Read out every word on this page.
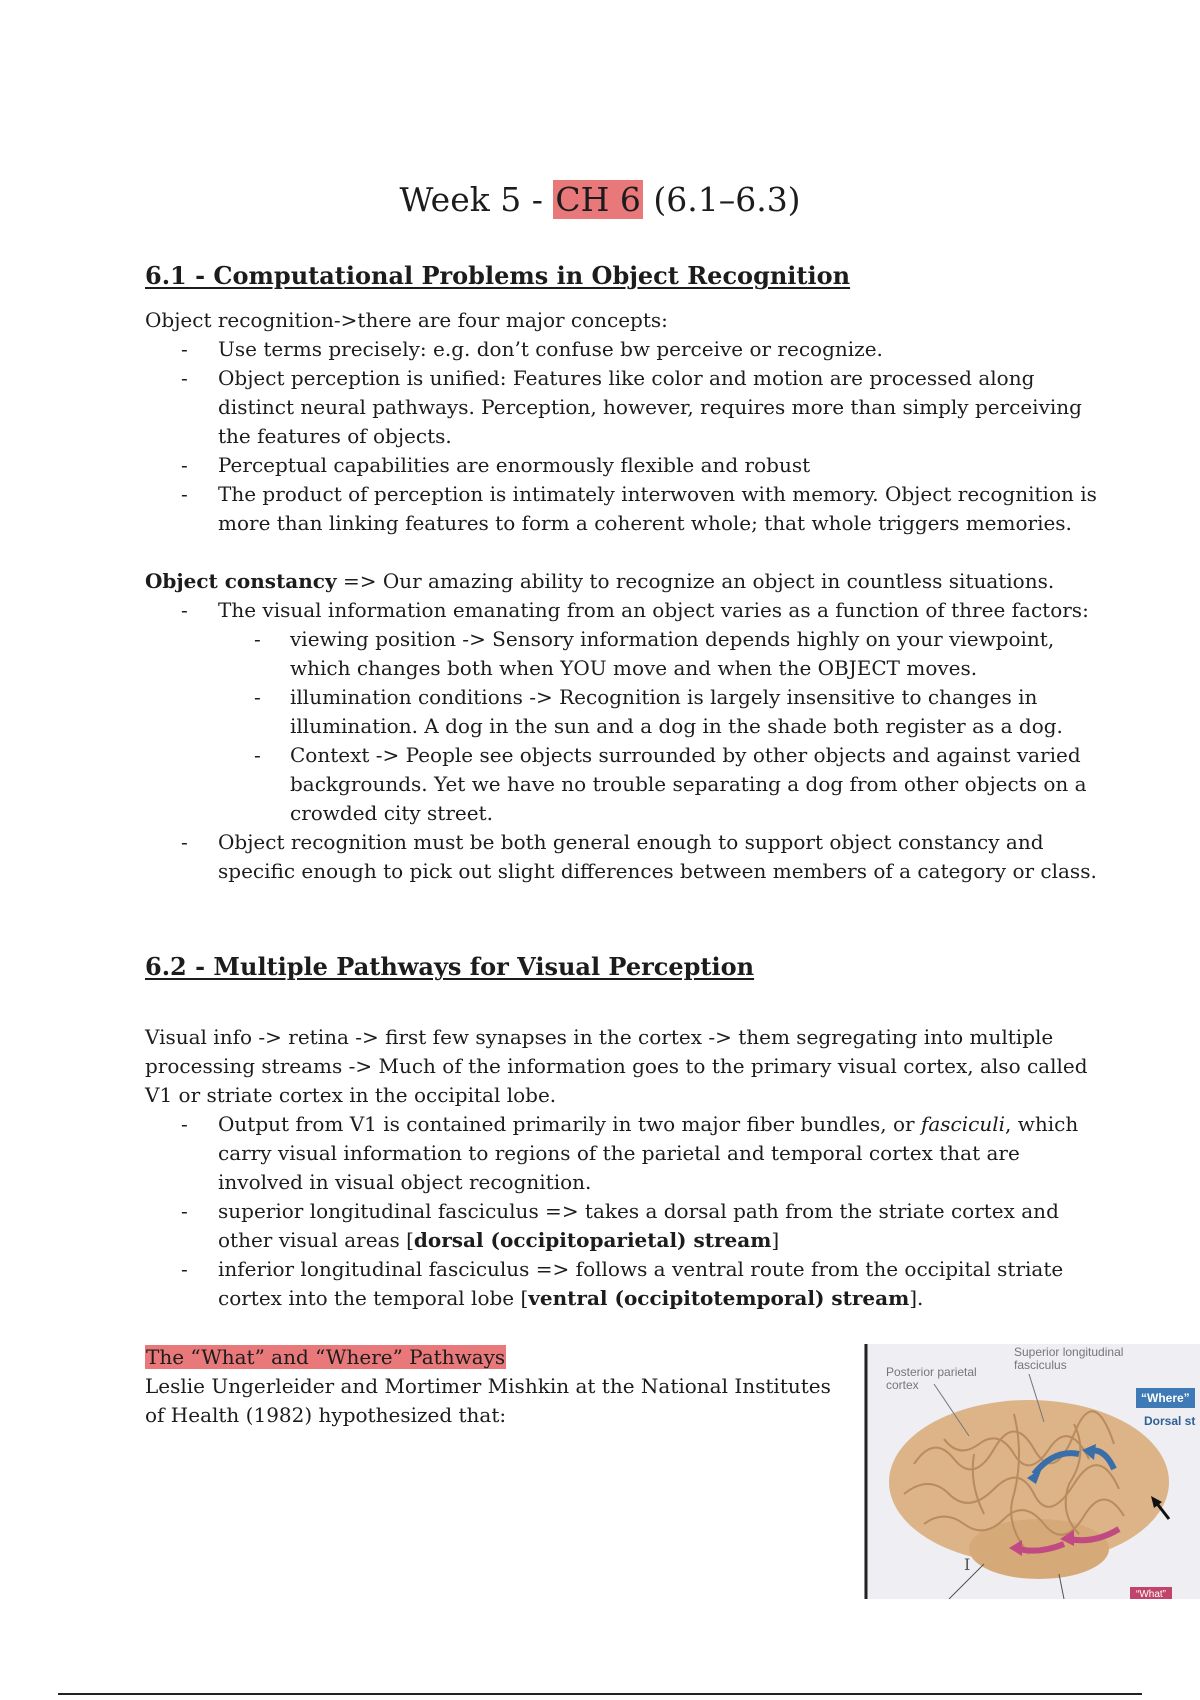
Week 5 - CH 6 (6.1–6.3)
6.1 - Computational Problems in Object Recognition
Object recognition->there are four major concepts:
- Use terms precisely: e.g. don’t confuse bw perceive or recognize.
- Object perception is unified: Features like color and motion are processed along distinct neural pathways. Perception, however, requires more than simply perceiving the features of objects.
- Perceptual capabilities are enormously flexible and robust
- The product of perception is intimately interwoven with memory. Object recognition is more than linking features to form a coherent whole; that whole triggers memories.
Object constancy => Our amazing ability to recognize an object in countless situations.
- The visual information emanating from an object varies as a function of three factors:
- viewing position -> Sensory information depends highly on your viewpoint, which changes both when YOU move and when the OBJECT moves.
- illumination conditions -> Recognition is largely insensitive to changes in illumination. A dog in the sun and a dog in the shade both register as a dog.
- Context -> People see objects surrounded by other objects and against varied backgrounds. Yet we have no trouble separating a dog from other objects on a crowded city street.
- Object recognition must be both general enough to support object constancy and specific enough to pick out slight differences between members of a category or class.
6.2 - Multiple Pathways for Visual Perception
Visual info -> retina -> first few synapses in the cortex -> them segregating into multiple processing streams -> Much of the information goes to the primary visual cortex, also called V1 or striate cortex in the occipital lobe.
- Output from V1 is contained primarily in two major fiber bundles, or fasciculi, which carry visual information to regions of the parietal and temporal cortex that are involved in visual object recognition.
- superior longitudinal fasciculus => takes a dorsal path from the striate cortex and other visual areas [dorsal (occipitoparietal) stream]
- inferior longitudinal fasciculus => follows a ventral route from the occipital striate cortex into the temporal lobe [ventral (occipitotemporal) stream].
The “What” and “Where” Pathways
Leslie Ungerleider and Mortimer Mishkin at the National Institutes of Health (1982) hypothesized that:
Posterior parietal cortex
Superior longitudinal fasciculus
“Where”
Dorsal st
I
“What”
